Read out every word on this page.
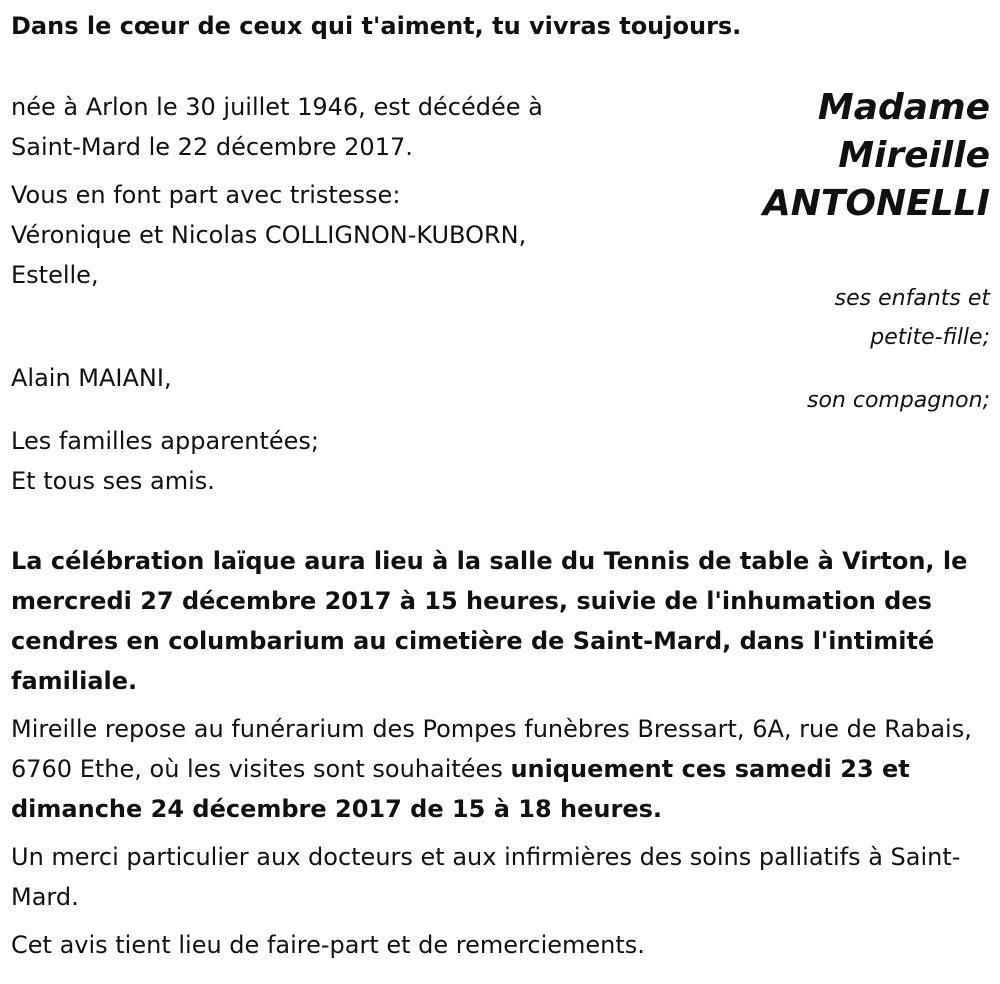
Dans le cœur de ceux qui t'aiment, tu vivras toujours.
Madame
Mireille
ANTONELLI

née à Arlon le 30 juillet 1946, est décédée à

Saint-Mard le 22 décembre 2017.

Vous en font part avec tristesse:

Véronique et Nicolas COLLIGNON-KUBORN,

Estelle,

ses enfants et
petite-fille;
Alain MAIANI,
son compagnon;
Les familles apparentées;
Et tous ses amis.

La célébration laïque aura lieu à la salle du Tennis de table à Virton, le mercredi 27 décembre 2017 à 15 heures, suivie de l'inhumation des cendres en columbarium au cimetière de Saint-Mard, dans l'intimité familiale.

Mireille repose au funérarium des Pompes funèbres Bressart, 6A, rue de Rabais, 6760 Ethe, où les visites sont souhaitées uniquement ces samedi 23 et dimanche 24 décembre 2017 de 15 à 18 heures.

Un merci particulier aux docteurs et aux infirmières des soins palliatifs à Saint-Mard.

Cet avis tient lieu de faire-part et de remerciements.
